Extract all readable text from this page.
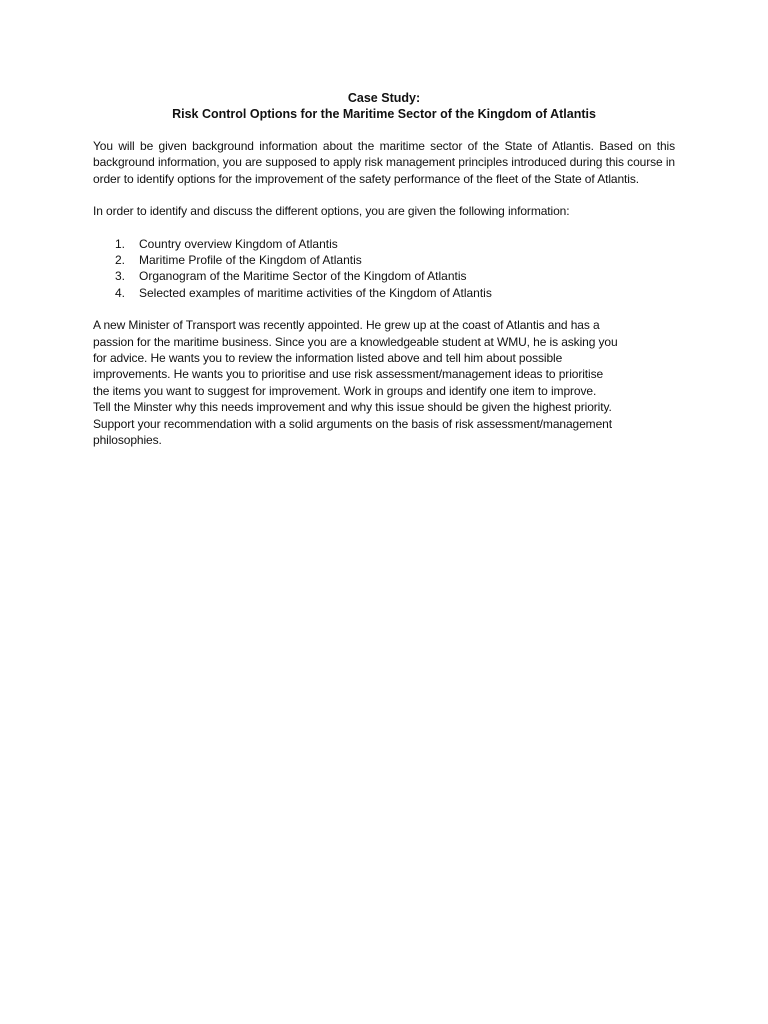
Case Study:
Risk Control Options for the Maritime Sector of the Kingdom of Atlantis

You will be given background information about the maritime sector of the State of Atlantis. Based on this background information, you are supposed to apply risk management principles introduced during this course in order to identify options for the improvement of the safety performance of the fleet of the State of Atlantis.

In order to identify and discuss the different options, you are given the following information:

1.	Country overview Kingdom of Atlantis
2.	Maritime Profile of the Kingdom of Atlantis
3.	Organogram of the Maritime Sector of the Kingdom of Atlantis
4.	Selected examples of maritime activities of the Kingdom of Atlantis
A new Minister of Transport was recently appointed. He grew up at the coast of Atlantis and has a
passion for the maritime business. Since you are a knowledgeable student at WMU, he is asking you
for advice. He wants you to review the information listed above and tell him about possible
improvements. He wants you to prioritise and use risk assessment/management ideas to prioritise
the items you want to suggest for improvement. Work in groups and identify one item to improve.
Tell the Minster why this needs improvement and why this issue should be given the highest priority.
Support your recommendation with a solid arguments on the basis of risk assessment/management
philosophies.
